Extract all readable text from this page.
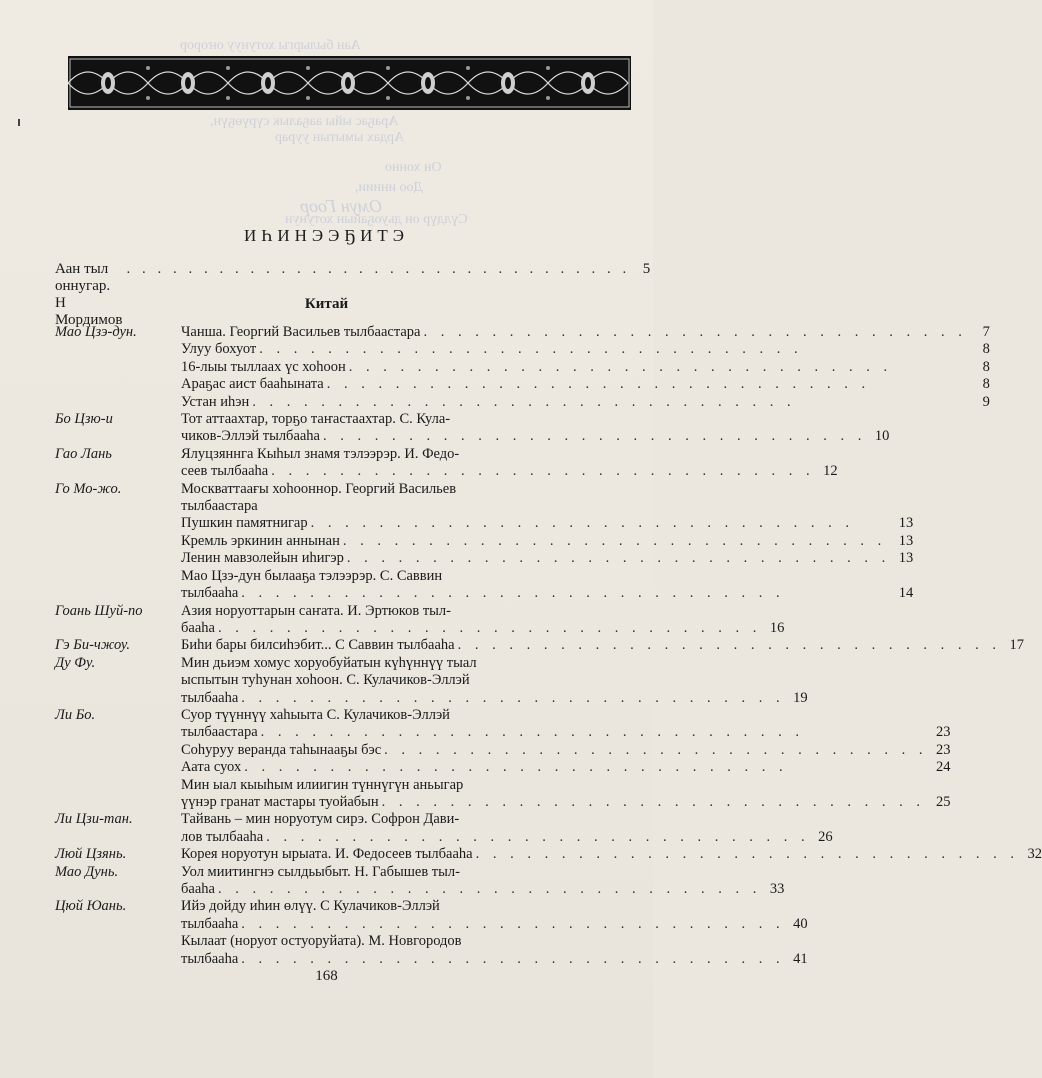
Аан былыргы хотунуу оҥорор
Араҕас ыйы ааҕалык сүрүөҕүн,
Ардах ымытын уурар
Он хонно
Доо иниии,
Сүлдүр он дьуоҕайын хотунун
Омун Гоор
ИҺИНЭЭҔИТЭ
Аан тыл оннугар. Н Мордимов
. . . . . . . . . . . . . . . . . . . . . . . . . . . . . . . . . 5
Китай
Мао Цзэ-дун.	Чанша. Георгий Васильев тылбаастара . . . . . . . . . . . . . . . . . . . . . . . . . . . . . . . .	7
Улуу бохуот . . . . . . . . . . . . . . . . . . . . . . . . . . . . . . . .	8
16-лыы тыллаах үс хоһоон . . . . . . . . . . . . . . . . . . . . . . . . . . . . . . . .	8
Араҕас аист бааһыната . . . . . . . . . . . . . . . . . . . . . . . . . . . . . . . .	8
Устан иһэн . . . . . . . . . . . . . . . . . . . . . . . . . . . . . . . .	9
Бо Цзю-и	Тот аттаахтар, торҕо таҥастаахтар. С. Кула-
чиков-Эллэй тылбааһа . . . . . . . . . . . . . . . . . . . . . . . . . . . . . . . . 10
Гао Лань	Ялуцзяннга Кыһыл знамя тэлээрэр. И. Федо-
сеев тылбааһа . . . . . . . . . . . . . . . . . . . . . . . . . . . . . . . . 12
Го Мо-жо.	Москваттаағы хоһооннор. Георгий Васильев
тылбаастара
Пушкин памятнигар . . . . . . . . . . . . . . . . . . . . . . . . . . . . . . . .	13
Кремль эркинин аннынан . . . . . . . . . . . . . . . . . . . . . . . . . . . . . . . . 13
Ленин мавзолейын иһигэр . . . . . . . . . . . . . . . . . . . . . . . . . . . . . . . . 13
Мао Цзэ-дун былааҕа тэлээрэр. С. Саввин
тылбааһа . . . . . . . . . . . . . . . . . . . . . . . . . . . . . . . .	14
Гоань Шуй-по	Азия норуоттарын саҥата. И. Эртюков тыл-
бааһа . . . . . . . . . . . . . . . . . . . . . . . . . . . . . . . . 16
Гэ Би-чжоу.	Биһи бары билсиһэбит... С Саввин тылбааһа . . . . . . . . . . . . . . . . . . . . . . . . . . . . . . . . 17
Ду Фу.	Мин дьиэм хомус хоруобуйатын күһүннүү тыал
ыспытын туһунан хоһоон. С. Кулачиков-Эллэй
тылбааһа . . . . . . . . . . . . . . . . . . . . . . . . . . . . . . . . 19
Ли Бо.	Суор түүннүү хаһыыта С. Кулачиков-Эллэй
тылбаастара . . . . . . . . . . . . . . . . . . . . . . . . . . . . . . . .	23
Соһуруу веранда таһынааҕы бэс . . . . . . . . . . . . . . . . . . . . . . . . . . . . . . . . 23
Аата суох . . . . . . . . . . . . . . . . . . . . . . . . . . . . . . . .	24
Мин ыал кыыһым илиигин түннүгүн аньыгар
үүнэр гранат мастары туойабын . . . . . . . . . . . . . . . . . . . . . . . . . . . . . . . . 25
Ли Цзи-тан.	Тайвань – мин норуотум сирэ. Софрон Дави-
лов тылбааһа . . . . . . . . . . . . . . . . . . . . . . . . . . . . . . . . 26
Люй Цзянь.	Корея норуотун ырыата. И. Федосеев тылбааһа . . . . . . . . . . . . . . . . . . . . . . . . . . . . . . . . 32
Мао Дунь.	Уол миитингнэ сылдьыбыт. Н. Габышев тыл-
бааһа . . . . . . . . . . . . . . . . . . . . . . . . . . . . . . . . 33
Цюй Юань.	Ийэ дойду иһин өлүү. С Кулачиков-Эллэй
тылбааһа . . . . . . . . . . . . . . . . . . . . . . . . . . . . . . . . 40
Кылаат (норуот остуоруйата). М. Новгородов
тылбааһа . . . . . . . . . . . . . . . . . . . . . . . . . . . . . . . . 41
168
